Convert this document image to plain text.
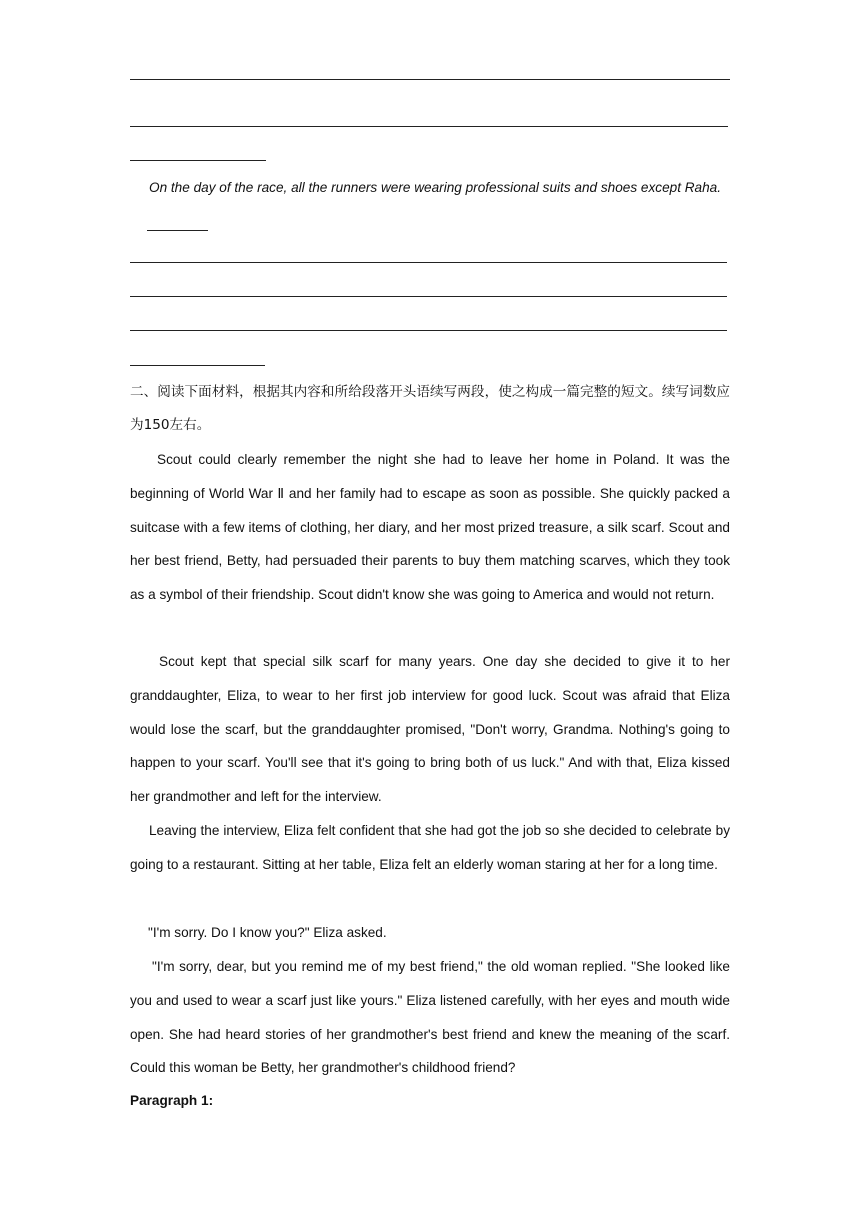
On the day of the race, all the runners were wearing professional suits and shoes except Raha.
二、阅读下面材料，根据其内容和所给段落开头语续写两段，使之构成一篇完整的短文。续写词数应为150左右。
Scout could clearly remember the night she had to leave her home in Poland. It was the beginning of World War Ⅱ and her family had to escape as soon as possible. She quickly packed a suitcase with a few items of clothing, her diary, and her most prized treasure, a silk scarf. Scout and her best friend, Betty, had persuaded their parents to buy them matching scarves, which they took as a symbol of their friendship. Scout didn't know she was going to America and would not return.
Scout kept that special silk scarf for many years. One day she decided to give it to her granddaughter, Eliza, to wear to her first job interview for good luck. Scout was afraid that Eliza would lose the scarf, but the granddaughter promised, "Don't worry, Grandma. Nothing's going to happen to your scarf. You'll see that it's going to bring both of us luck." And with that, Eliza kissed her grandmother and left for the interview.
Leaving the interview, Eliza felt confident that she had got the job so she decided to celebrate by going to a restaurant. Sitting at her table, Eliza felt an elderly woman staring at her for a long time.
"I'm sorry. Do I know you?" Eliza asked.
"I'm sorry, dear, but you remind me of my best friend," the old woman replied. "She looked like you and used to wear a scarf just like yours." Eliza listened carefully, with her eyes and mouth wide open. She had heard stories of her grandmother's best friend and knew the meaning of the scarf. Could this woman be Betty, her grandmother's childhood friend?
Paragraph 1:
